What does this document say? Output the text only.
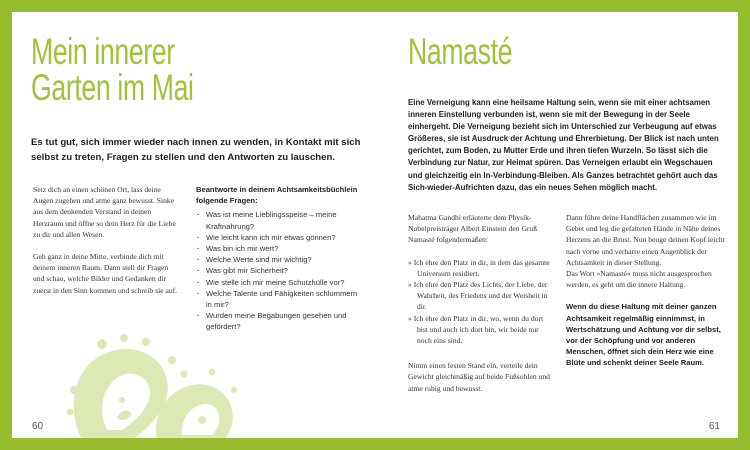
Mein innerer
Garten im Mai

Es tut gut, sich immer wieder nach innen zu wenden, in Kontakt mit sich selbst zu treten, Fragen zu stellen und den Antworten zu lauschen.

Setz dich an einen schönen Ort, lass deine Augen zugehen und atme ganz bewusst. Sinke aus dem denkenden Verstand in deinen Herzraum und öffne so dein Herz für die Liebe zu dir und allen Wesen.

Geh ganz in deine Mitte, verbinde dich mit deinem inneren Raum. Dann stell dir Fragen und schau, welche Bilder und Gedanken dir zuerst in den Sinn kommen und schreib sie auf.

Beantworte in deinem Achtsamkeitsbüchlein folgende Fragen:

· Was ist meine Lieblingsspeise – meine Kraftnahrung?
· Wie leicht kann ich mir etwas gönnen?
· Was bin ich mir wert?
· Welche Werte sind mir wichtig?
· Was gibt mir Sicherheit?
· Wie stelle ich mir meine Schutzhülle vor?
· Welche Talente und Fähigkeiten schlummern in mir?
· Wurden meine Begabungen gesehen und gefördert?
60
Namasté

Eine Verneigung kann eine heilsame Haltung sein, wenn sie mit einer achtsamen inneren Einstellung verbunden ist, wenn sie mit der Bewegung in der Seele einhergeht. Die Verneigung bezieht sich im Unterschied zur Verbeugung auf etwas Größeres, sie ist Ausdruck der Achtung und Ehrerbietung. Der Blick ist nach unten gerichtet, zum Boden, zu Mutter Erde und ihren tiefen Wurzeln. So lässt sich die Verbindung zur Natur, zur Heimat spüren. Das Verneigen erlaubt ein Wegschauen und gleichzeitig ein In-Verbindung-Bleiben. Als Ganzes betrachtet gehört auch das Sich-wieder-Aufrichten dazu, das ein neues Sehen möglich macht.

Mahatma Gandhi erläuterte dem Physik-Nobelpreisträger Albert Einstein den Gruß Namasté folgendermaßen:

» Ich ehre den Platz in dir, in dem das gesamte Universum residiert.

» Ich ehre den Platz des Lichts, der Liebe, der Wahrheit, des Friedens und der Weisheit in dir.

» Ich ehre den Platz in dir, wo, wenn du dort bist und auch ich dort bin, wir beide nur noch eins sind.

Nimm einen festen Stand ein, verteile dein Gewicht gleichmäßig auf beide Fußsohlen und atme ruhig und bewusst.

Dann führe deine Handflächen zusammen wie im Gebet und leg die gefalteten Hände in Nähe deines Herzens an die Brust. Nun beuge deinen Kopf leicht nach vorne und verharre einen Augenblick der Achtsamkeit in dieser Stellung.

Das Wort »Namasté« muss nicht ausgesprochen werden, es geht um die innere Haltung.

Wenn du diese Haltung mit deiner ganzen Achtsamkeit regelmäßig einnimmst, in Wertschätzung und Achtung vor dir selbst, vor der Schöpfung und vor anderen Menschen, öffnet sich dein Herz wie eine Blüte und schenkt deiner Seele Raum.

61
